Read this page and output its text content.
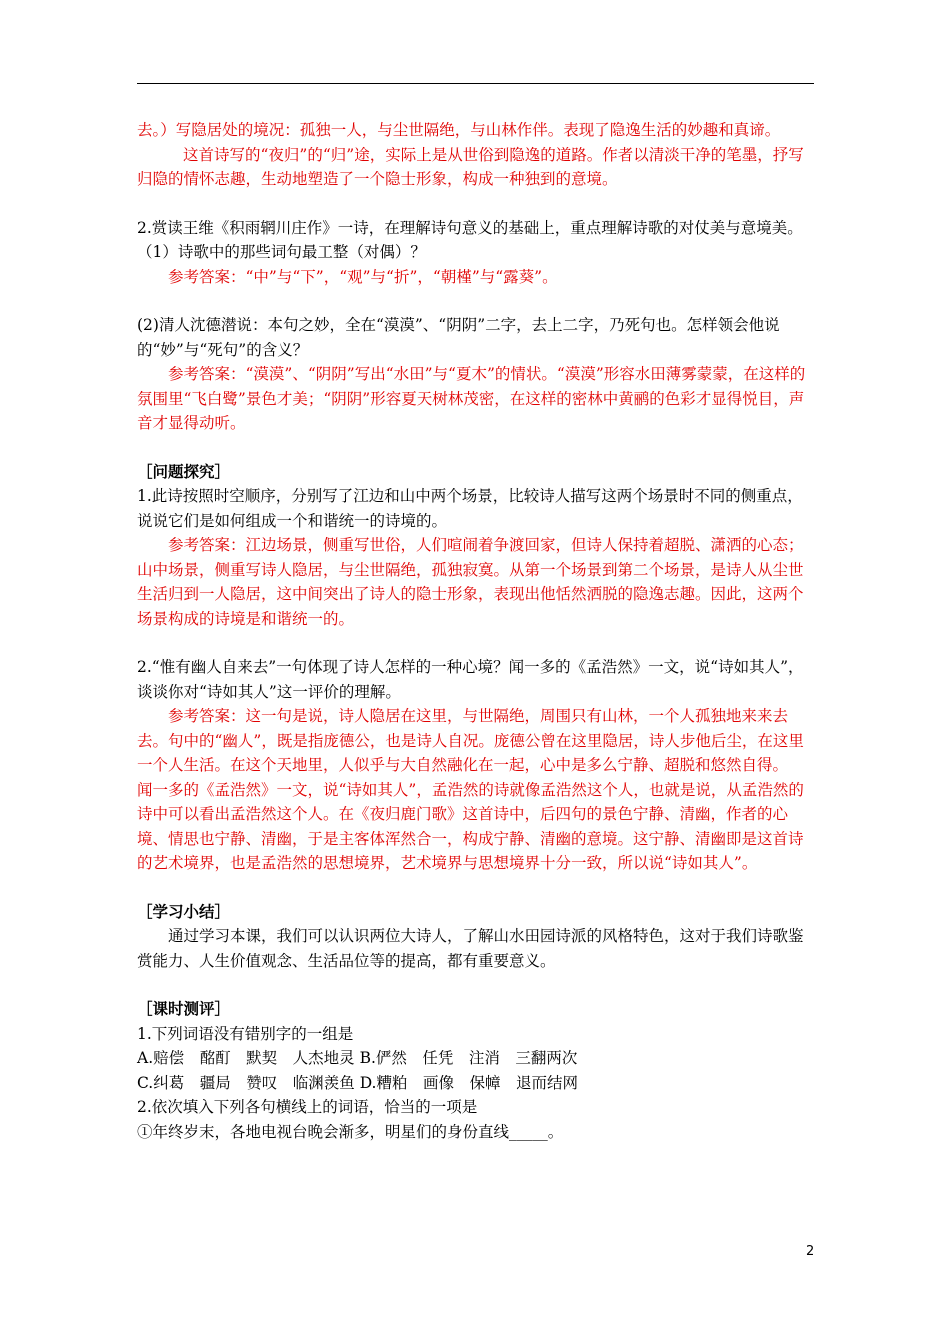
去。）写隐居处的境况：孤独一人，与尘世隔绝，与山林作伴。表现了隐逸生活的妙趣和真谛。

这首诗写的“夜归”的“归”途，实际上是从世俗到隐逸的道路。作者以清淡干净的笔墨，抒写归隐的情怀志趣，生动地塑造了一个隐士形象，构成一种独到的意境。

2.赏读王维《积雨辋川庄作》一诗，在理解诗句意义的基础上，重点理解诗歌的对仗美与意境美。

（1）诗歌中的那些词句最工整（对偶）？

参考答案：“中”与“下”，“观”与“折”，“朝槿”与“露葵”。

(2)清人沈德潜说：本句之妙，全在“漠漠”、“阴阴”二字，去上二字，乃死句也。怎样领会他说的“妙”与“死句”的含义？

参考答案：“漠漠”、“阴阴”写出“水田”与“夏木”的情状。“漠漠”形容水田薄雾蒙蒙，在这样的氛围里“飞白鹭”景色才美；“阴阴”形容夏天树林茂密，在这样的密林中黄鹂的色彩才显得悦目，声音才显得动听。

［问题探究］

1.此诗按照时空顺序，分别写了江边和山中两个场景，比较诗人描写这两个场景时不同的侧重点，说说它们是如何组成一个和谐统一的诗境的。

参考答案：江边场景，侧重写世俗，人们喧闹着争渡回家，但诗人保持着超脱、潇洒的心态；山中场景，侧重写诗人隐居，与尘世隔绝，孤独寂寞。从第一个场景到第二个场景，是诗人从尘世生活归到一人隐居，这中间突出了诗人的隐士形象，表现出他恬然洒脱的隐逸志趣。因此，这两个场景构成的诗境是和谐统一的。

2.“惟有幽人自来去”一句体现了诗人怎样的一种心境？闻一多的《孟浩然》一文，说“诗如其人”，谈谈你对“诗如其人”这一评价的理解。

参考答案：这一句是说，诗人隐居在这里，与世隔绝，周围只有山林，一个人孤独地来来去去。句中的“幽人”，既是指庞德公，也是诗人自况。庞德公曾在这里隐居，诗人步他后尘，在这里一个人生活。在这个天地里，人似乎与大自然融化在一起，心中是多么宁静、超脱和悠然自得。

闻一多的《孟浩然》一文，说“诗如其人”，孟浩然的诗就像孟浩然这个人，也就是说，从孟浩然的诗中可以看出孟浩然这个人。在《夜归鹿门歌》这首诗中，后四句的景色宁静、清幽，作者的心境、情思也宁静、清幽，于是主客体浑然合一，构成宁静、清幽的意境。这宁静、清幽即是这首诗的艺术境界，也是孟浩然的思想境界，艺术境界与思想境界十分一致，所以说“诗如其人”。

［学习小结］

通过学习本课，我们可以认识两位大诗人，了解山水田园诗派的风格特色，这对于我们诗歌鉴赏能力、人生价值观念、生活品位等的提高，都有重要意义。

［课时测评］

1.下列词语没有错别字的一组是

A.赔偿　酩酊　默契　人杰地灵 B.俨然　任凭　注消　三翻两次

C.纠葛　疆局　赞叹　临渊羡鱼 D.糟粕　画像　保幛　退而结网

2.依次填入下列各句横线上的词语，恰当的一项是

①年终岁末，各地电视台晚会渐多，明星们的身份直线_____。

2
